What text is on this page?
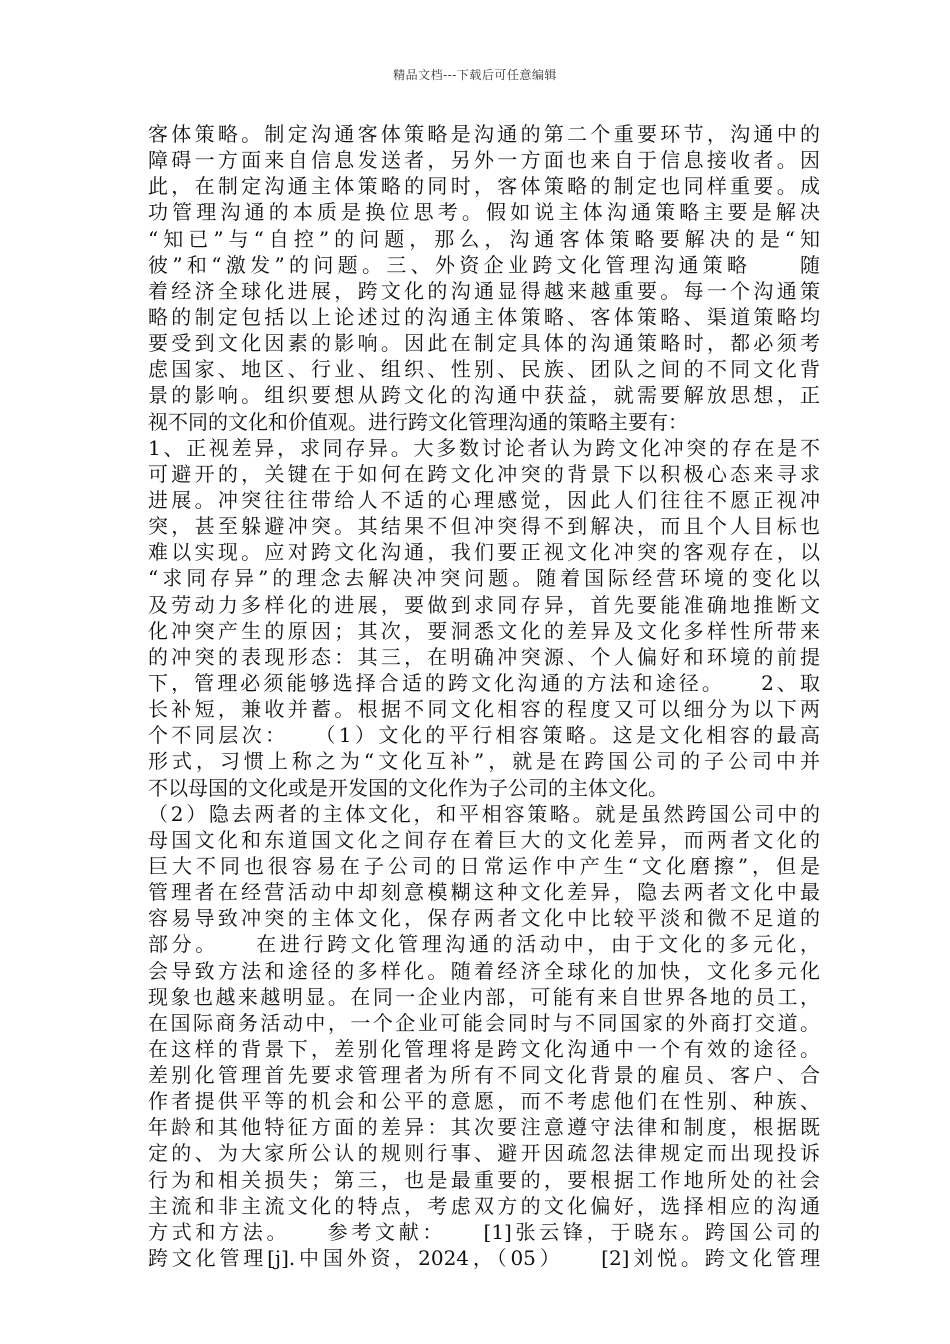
精品文档---下载后可任意编辑
客体策略。制定沟通客体策略是沟通的第二个重要环节，沟通中的
障碍一方面来自信息发送者，另外一方面也来自于信息接收者。因
此，在制定沟通主体策略的同时，客体策略的制定也同样重要。成
功管理沟通的本质是换位思考。假如说主体沟通策略主要是解决
“知已”与“自控”的问题，那么，沟通客体策略要解决的是“知
彼”和“激发”的问题。三、外资企业跨文化管理沟通策略　　随
着经济全球化进展，跨文化的沟通显得越来越重要。每一个沟通策
略的制定包括以上论述过的沟通主体策略、客体策略、渠道策略均
要受到文化因素的影响。因此在制定具体的沟通策略时，都必须考
虑国家、地区、行业、组织、性别、民族、团队之间的不同文化背
景的影响。组织要想从跨文化的沟通中获益，就需要解放思想，正
视不同的文化和价值观。进行跨文化管理沟通的策略主要有：
1、正视差异，求同存异。大多数讨论者认为跨文化冲突的存在是不
可避开的，关键在于如何在跨文化冲突的背景下以积极心态来寻求
进展。冲突往往带给人不适的心理感觉，因此人们往往不愿正视冲
突，甚至躲避冲突。其结果不但冲突得不到解决，而且个人目标也
难以实现。应对跨文化沟通，我们要正视文化冲突的客观存在，以
“求同存异”的理念去解决冲突问题。随着国际经营环境的变化以
及劳动力多样化的进展，要做到求同存异，首先要能准确地推断文
化冲突产生的原因；其次，要洞悉文化的差异及文化多样性所带来
的冲突的表现形态：其三，在明确冲突源、个人偏好和环境的前提
下，管理必须能够选择合适的跨文化沟通的方法和途径。　　2、取
长补短，兼收并蓄。根据不同文化相容的程度又可以细分为以下两
个不同层次：　　（1）文化的平行相容策略。这是文化相容的最高
形式，习惯上称之为“文化互补”，就是在跨国公司的子公司中并
不以母国的文化或是开发国的文化作为子公司的主体文化。
（2）隐去两者的主体文化，和平相容策略。就是虽然跨国公司中的
母国文化和东道国文化之间存在着巨大的文化差异，而两者文化的
巨大不同也很容易在子公司的日常运作中产生“文化磨擦”，但是
管理者在经营活动中却刻意模糊这种文化差异，隐去两者文化中最
容易导致冲突的主体文化，保存两者文化中比较平淡和微不足道的
部分。　　在进行跨文化管理沟通的活动中，由于文化的多元化，
会导致方法和途径的多样化。随着经济全球化的加快，文化多元化
现象也越来越明显。在同一企业内部，可能有来自世界各地的员工，
在国际商务活动中，一个企业可能会同时与不同国家的外商打交道。
在这样的背景下，差别化管理将是跨文化沟通中一个有效的途径。
差别化管理首先要求管理者为所有不同文化背景的雇员、客户、合
作者提供平等的机会和公平的意愿，而不考虑他们在性别、种族、
年龄和其他特征方面的差异：其次要注意遵守法律和制度，根据既
定的、为大家所公认的规则行事、避开因疏忽法律规定而出现投诉
行为和相关损失；第三，也是最重要的，要根据工作地所处的社会
主流和非主流文化的特点，考虑双方的文化偏好，选择相应的沟通
方式和方法。　　参考文献：　　[1]张云锋，于晓东。跨国公司的
跨文化管理[j].中国外资，2024，（05）　　[2]刘悦。跨文化管理
